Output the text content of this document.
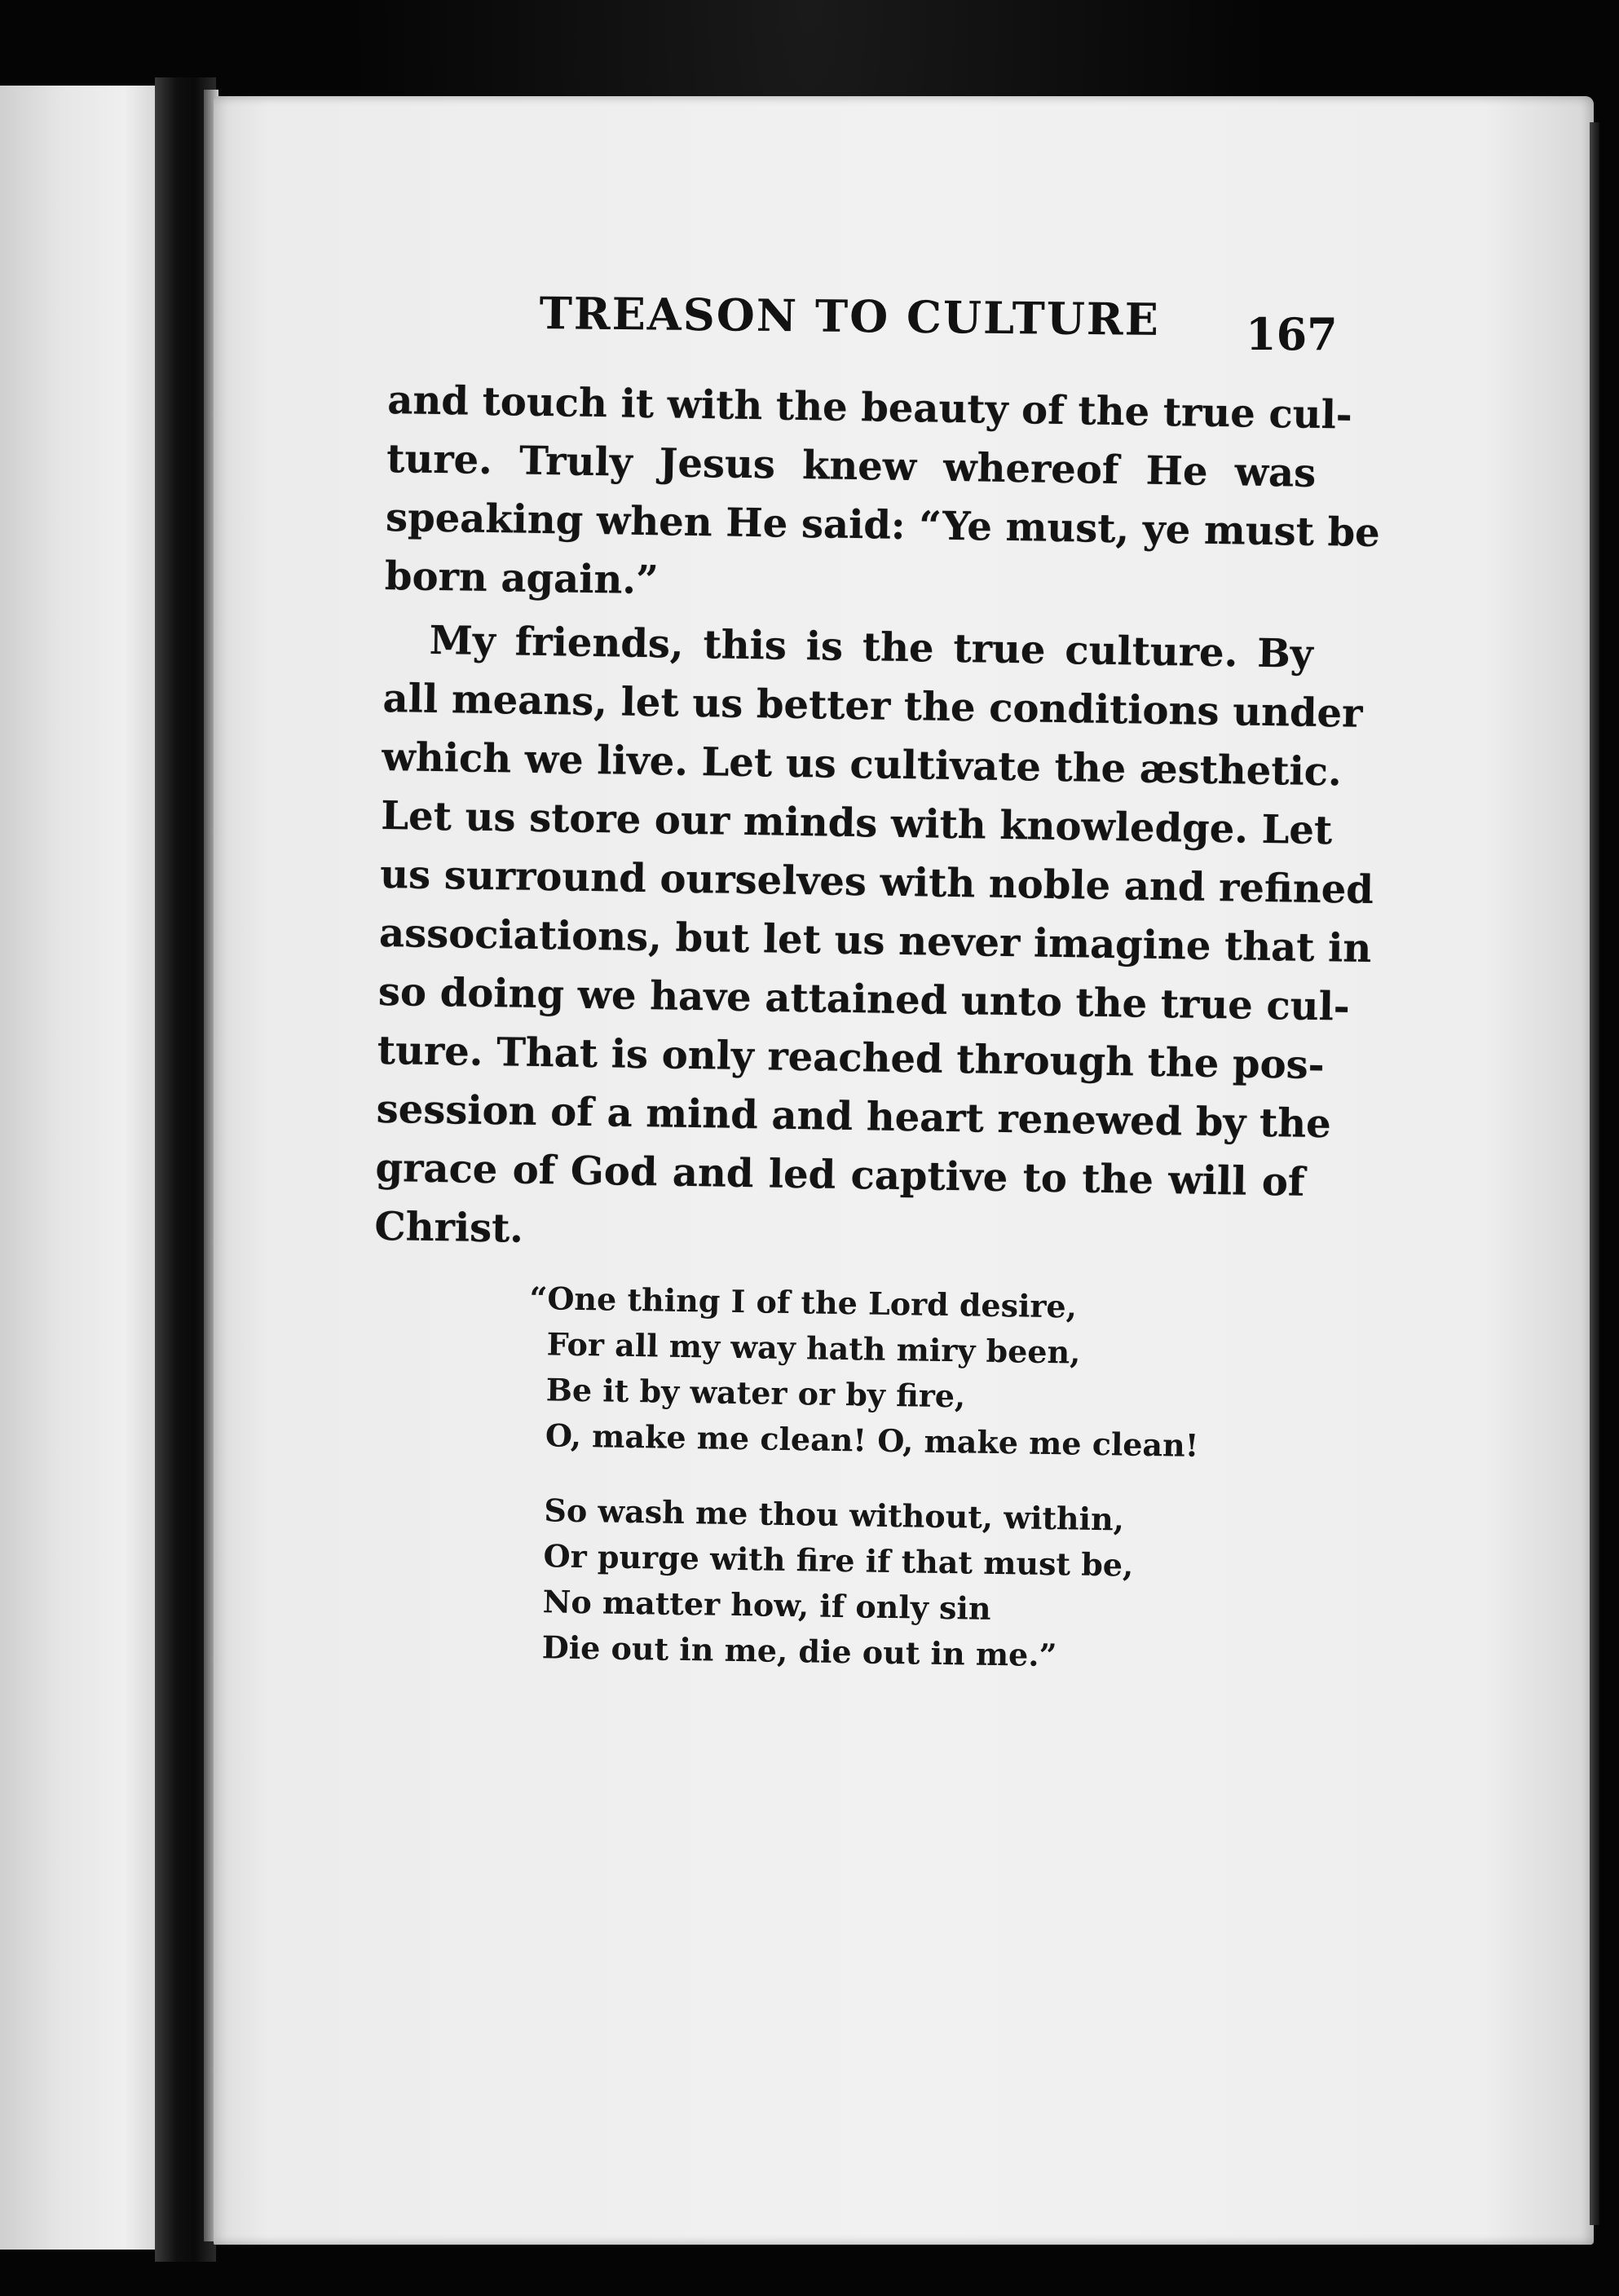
TREASON TO CULTURE 167

and touch it with the beauty of the true cul-
ture. Truly Jesus knew whereof He was
speaking when He said: “Ye must, ye must be
born again.”

My friends, this is the true culture. By
all means, let us better the conditions under
which we live. Let us cultivate the æsthetic.
Let us store our minds with knowledge. Let
us surround ourselves with noble and refined
associations, but let us never imagine that in
so doing we have attained unto the true cul-
ture. That is only reached through the pos-
session of a mind and heart renewed by the
grace of God and led captive to the will of
Christ.

“One thing I of the Lord desire,
For all my way hath miry been,
Be it by water or by fire,
O, make me clean! O, make me clean!
So wash me thou without, within,
Or purge with fire if that must be,
No matter how, if only sin
Die out in me, die out in me.”
